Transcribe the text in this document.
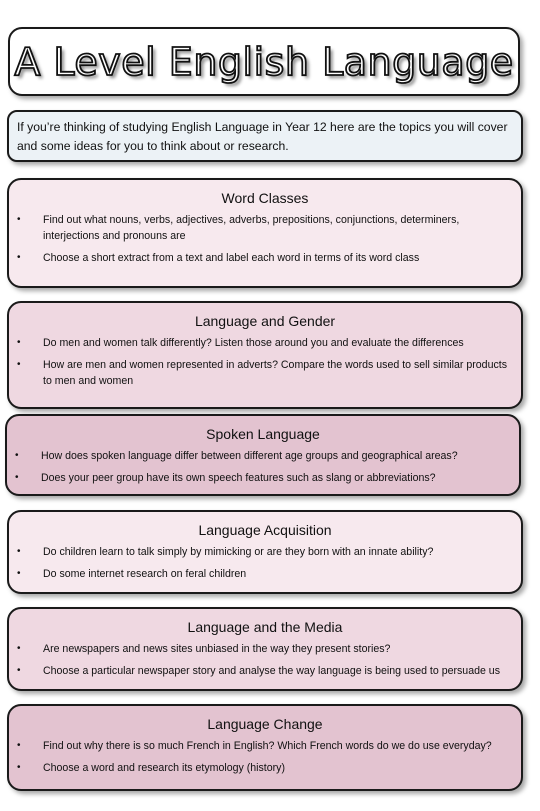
A Level English Language
If you’re thinking of studying English Language in Year 12 here are the topics you will cover and some ideas for you to think about or research.
Word Classes
• Find out what nouns, verbs, adjectives, adverbs, prepositions, conjunctions, determiners, interjections and pronouns are
• Choose a short extract from a text and label each word in terms of its word class
Language and Gender
• Do men and women talk differently? Listen those around you and evaluate the differences
• How are men and women represented in adverts? Compare the words used to sell similar products to men and women
Spoken Language
• How does spoken language differ between different age groups and geographical areas?
• Does your peer group have its own speech features such as slang or abbreviations?
Language Acquisition
• Do children learn to talk simply by mimicking or are they born with an innate ability?
• Do some internet research on feral children
Language and the Media
• Are newspapers and news sites unbiased in the way they present stories?
• Choose a particular newspaper story and analyse the way language is being used to persuade us
Language Change
• Find out why there is so much French in English? Which French words do we do use everyday?
• Choose a word and research its etymology (history)
